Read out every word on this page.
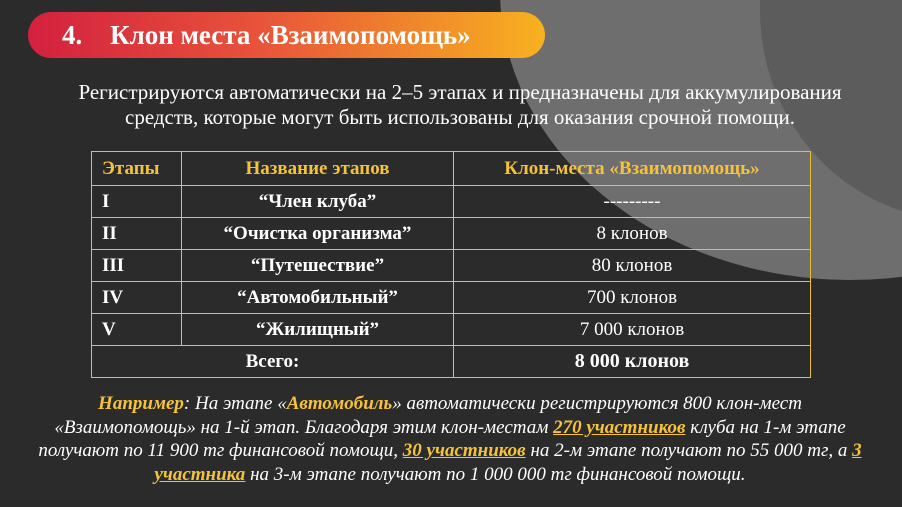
4. Клон места «Взаимопомощь»
Регистрируются автоматически на 2–5 этапах и предназначены для аккумулирования
средств, которые могут быть использованы для оказания срочной помощи.
Этапы	Название этапов	Клон-места «Взаимопомощь»
I	“Член клуба”	---------
II	“Очистка организма”	8 клонов
III	“Путешествие”	80 клонов
IV	“Автомобильный”	700 клонов
V	“Жилищный”	7 000 клонов
Всего:		8 000 клонов
Например: На этапе «Автомобиль» автоматически регистрируются 800 клон-мест «Взаимопомощь» на 1-й этап. Благодаря этим клон-местам 270 участников клуба на 1-м этапе получают по 11 900 тг финансовой помощи, 30 участников на 2-м этапе получают по 55 000 тг, а 3 участника на 3-м этапе получают по 1 000 000 тг финансовой помощи.
